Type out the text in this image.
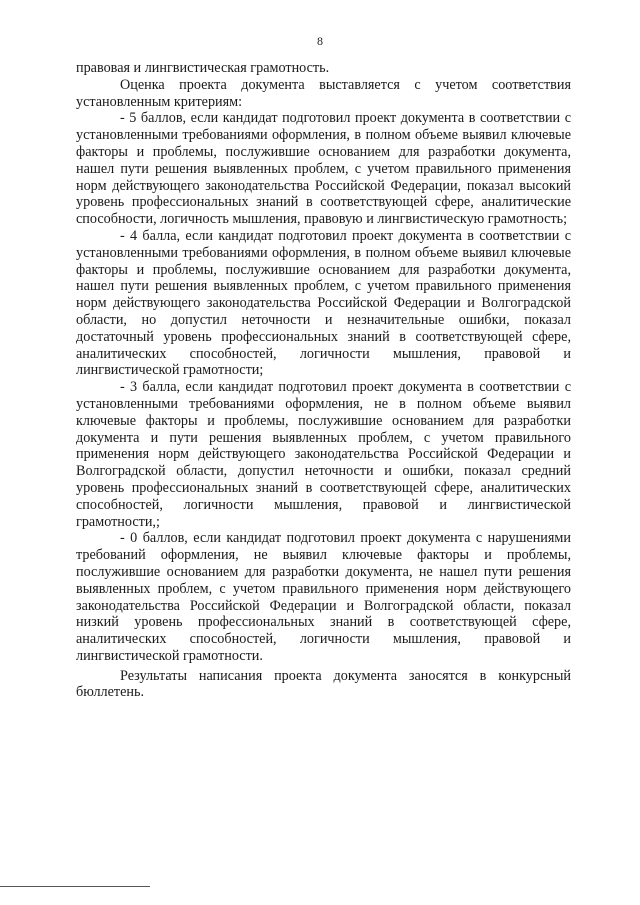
8

правовая и лингвистическая грамотность.

Оценка проекта документа выставляется с учетом соответствия установленным критериям:

- 5 баллов, если кандидат подготовил проект документа в соответствии с установленными требованиями оформления, в полном объеме выявил ключевые факторы и проблемы, послужившие основанием для разработки документа, нашел пути решения выявленных проблем, с учетом правильного применения норм действующего законодательства Российской Федерации, показал высокий уровень профессиональных знаний в соответствующей сфере, аналитические способности, логичность мышления, правовую и лингвистическую грамотность;

- 4 балла, если кандидат подготовил проект документа в соответствии с установленными требованиями оформления, в полном объеме выявил ключевые факторы и проблемы, послужившие основанием для разработки документа, нашел пути решения выявленных проблем, с учетом правильного применения норм действующего законодательства Российской Федерации и Волгоградской области, но допустил неточности и незначительные ошибки, показал достаточный уровень профессиональных знаний в соответствующей сфере, аналитических способностей, логичности мышления, правовой и лингвистической грамотности;

- 3 балла, если кандидат подготовил проект документа в соответствии с установленными требованиями оформления, не в полном объеме выявил ключевые факторы и проблемы, послужившие основанием для разработки документа и пути решения выявленных проблем, с учетом правильного применения норм действующего законодательства Российской Федерации и Волгоградской области, допустил неточности и ошибки, показал средний уровень профессиональных знаний в соответствующей сфере, аналитических способностей, логичности мышления, правовой и лингвистической грамотности,;

- 0 баллов, если кандидат подготовил проект документа с нарушениями требований оформления, не выявил ключевые факторы и проблемы, послужившие основанием для разработки документа, не нашел пути решения выявленных проблем, с учетом правильного применения норм действующего законодательства Российской Федерации и Волгоградской области, показал низкий уровень профессиональных знаний в соответствующей сфере, аналитических способностей, логичности мышления, правовой и лингвистической грамотности.

Результаты написания проекта документа заносятся в конкурсный бюллетень.
